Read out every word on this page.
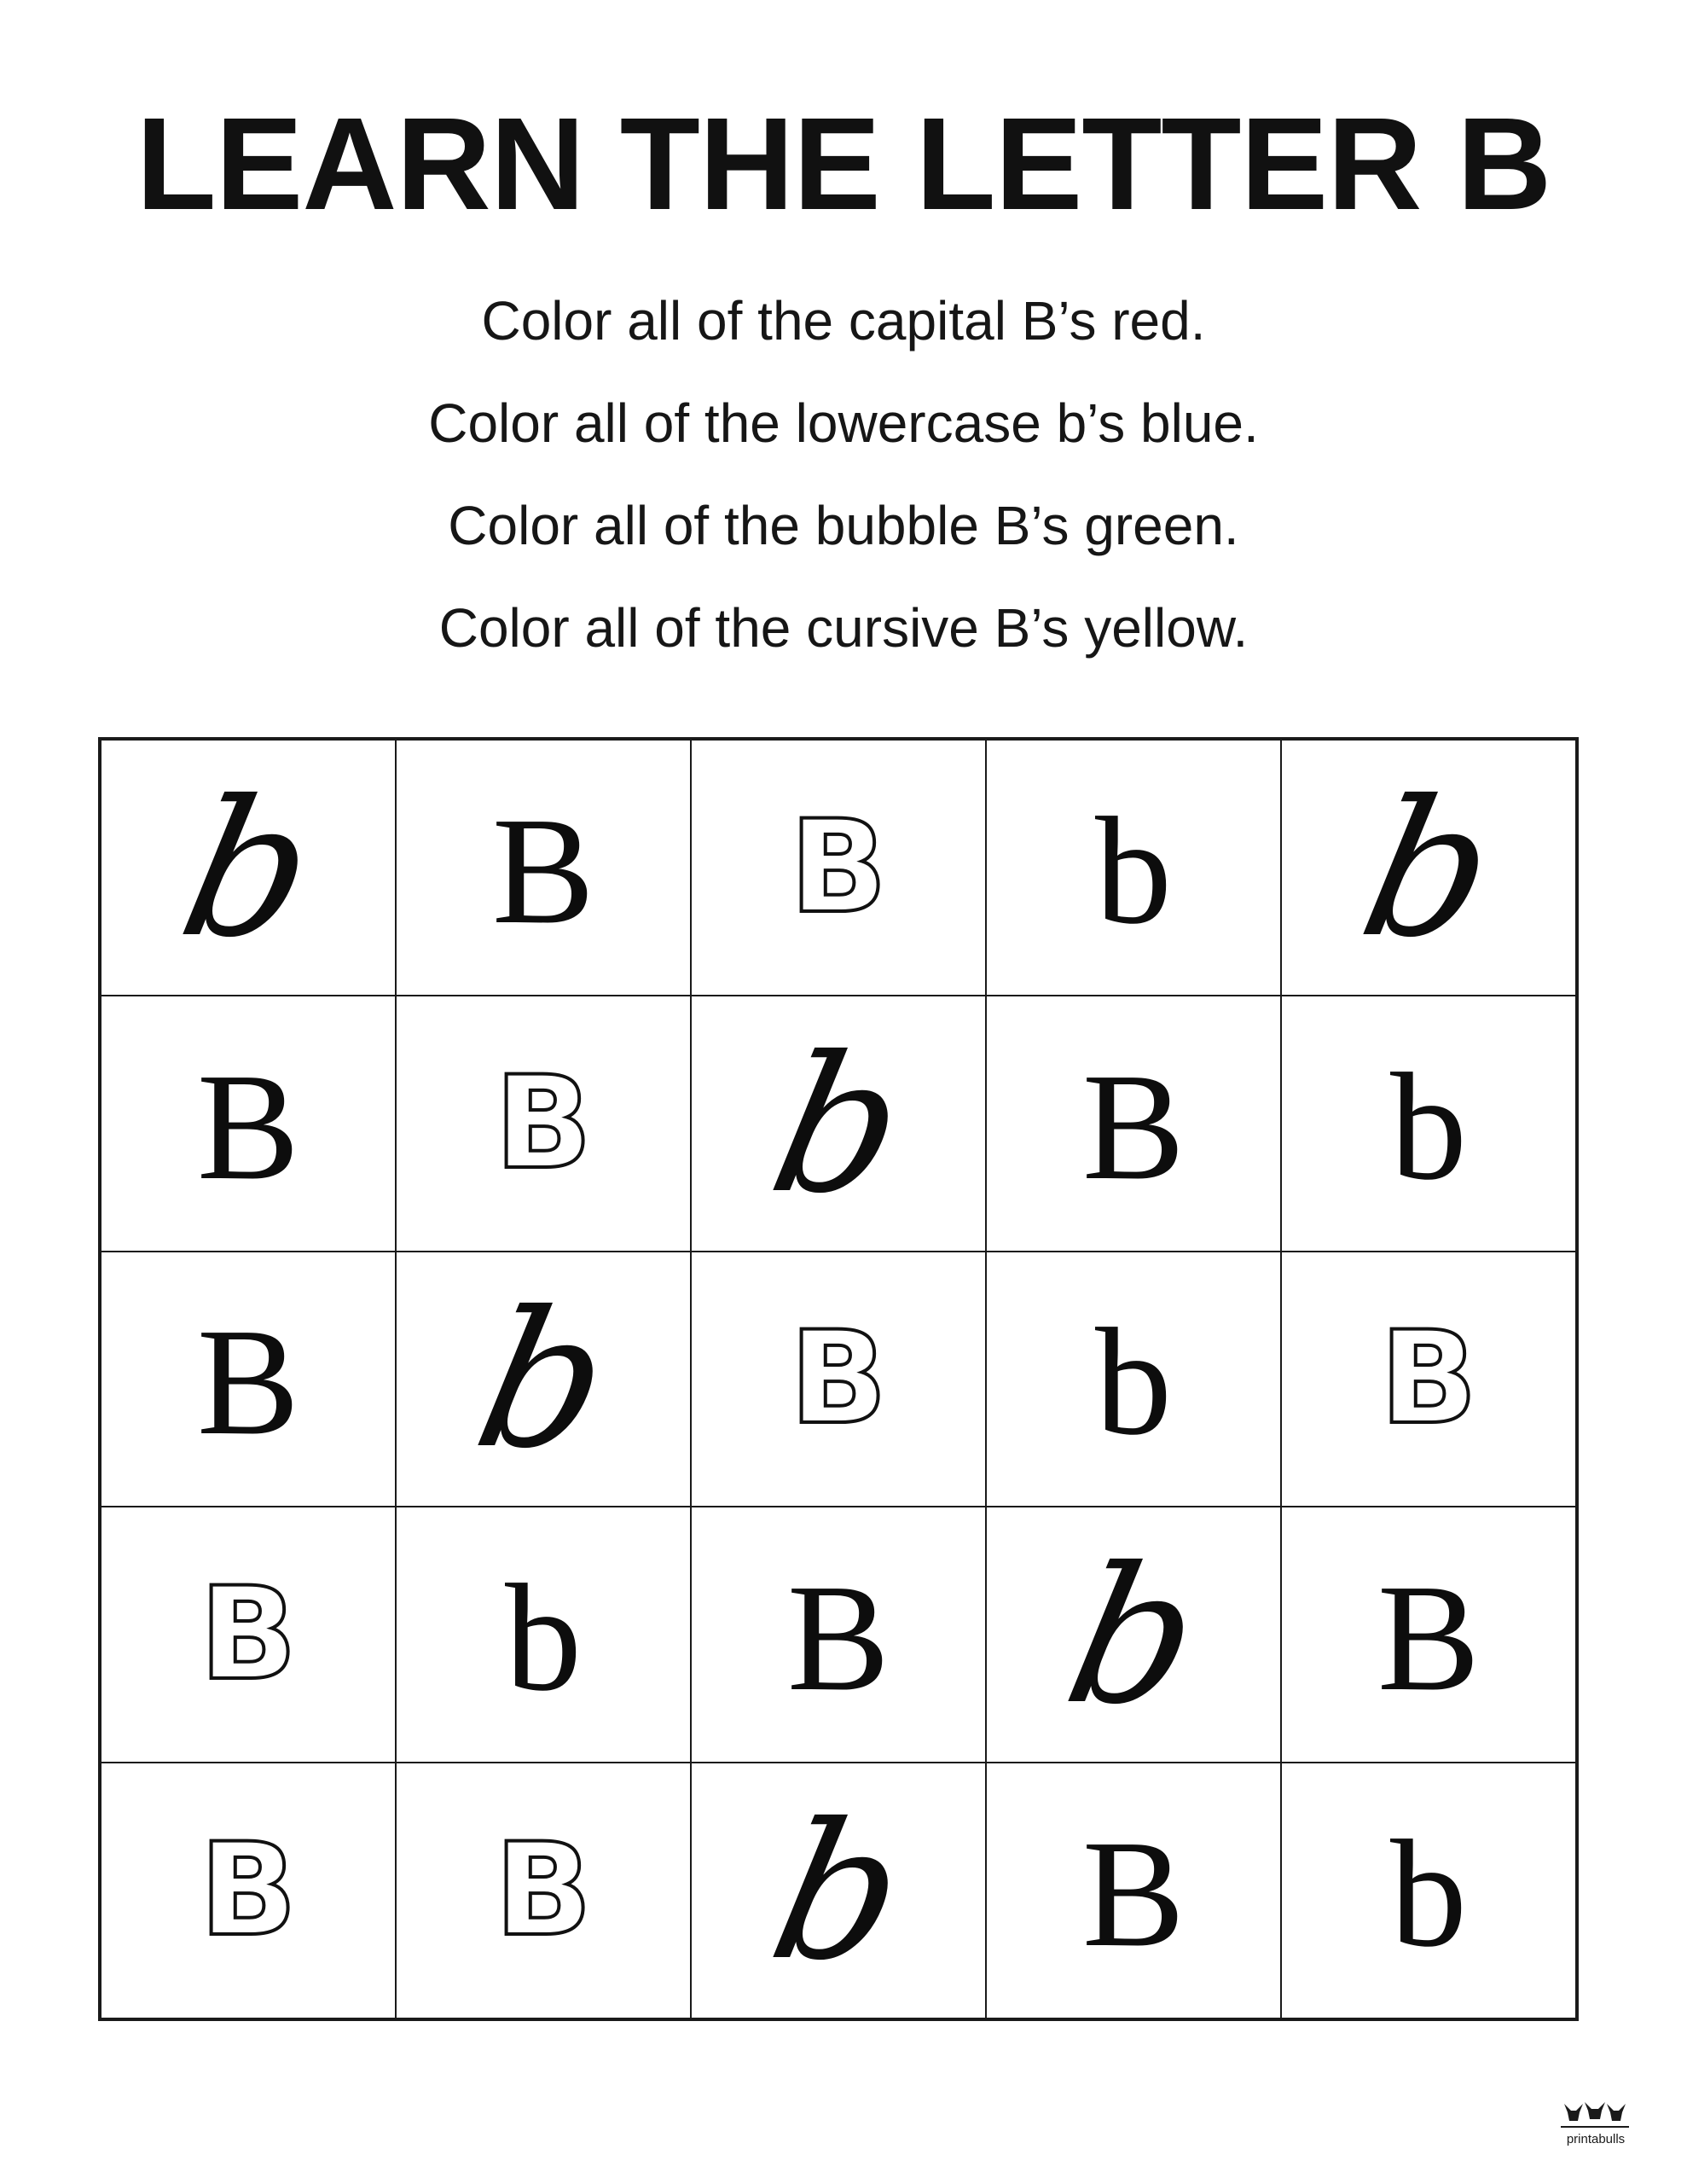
LEARN THE LETTER B
Color all of the capital B’s red.
Color all of the lowercase b’s blue.
Color all of the bubble B’s green.
Color all of the cursive B’s yellow.
b B B b b
B B b B b
B b B b B
B b B b B
B B b B b
printabulls
